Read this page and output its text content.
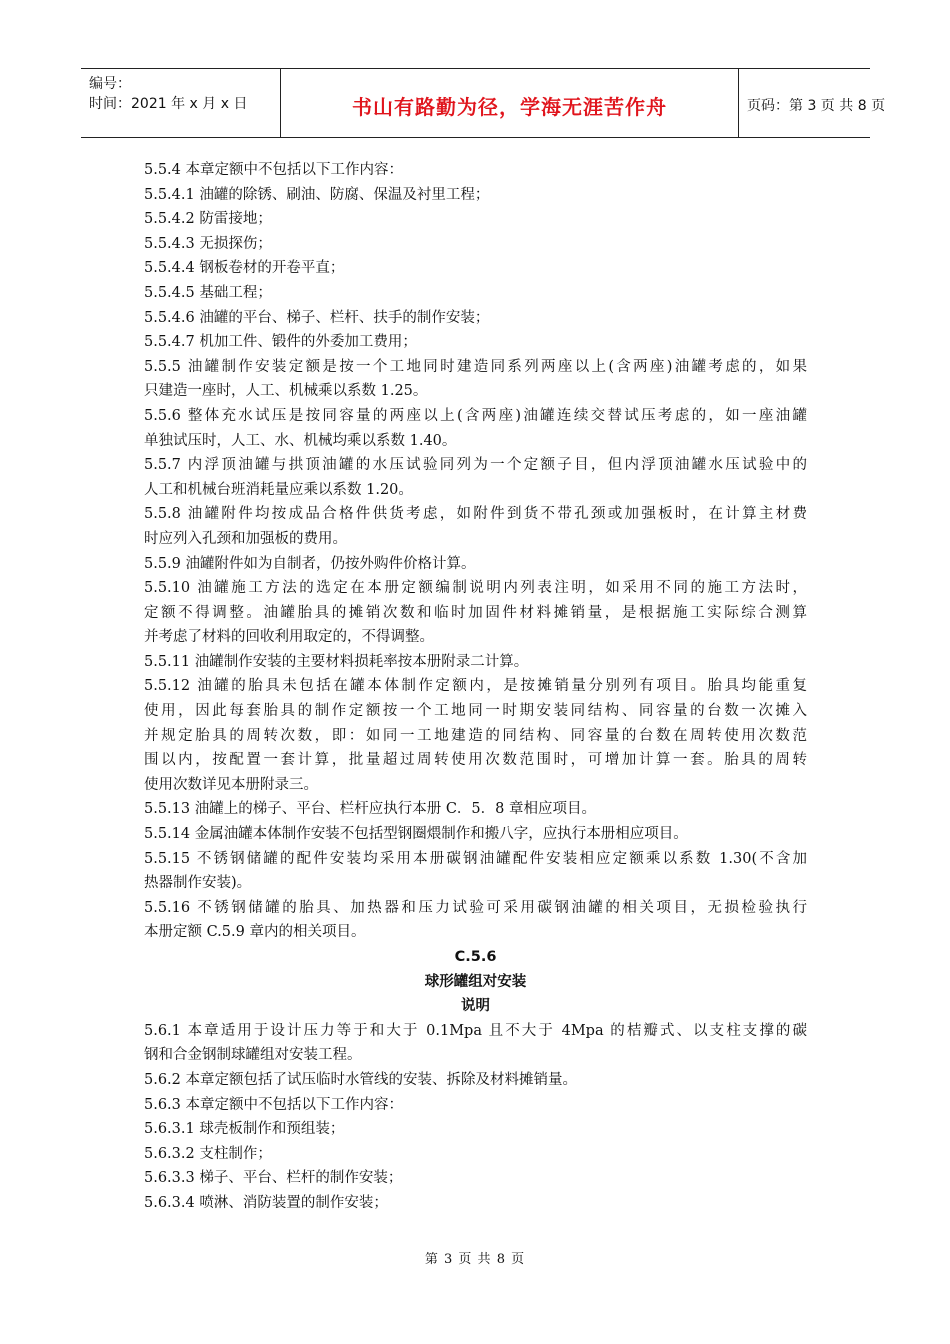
编号：
时间：2021 年 x 月 x 日	书山有路勤为径，学海无涯苦作舟	页码：第 3 页 共 8 页
5.5.4 本章定额中不包括以下工作内容：
5.5.4.1 油罐的除锈、刷油、防腐、保温及衬里工程；
5.5.4.2 防雷接地；
5.5.4.3 无损探伤；
5.5.4.4 钢板卷材的开卷平直；
5.5.4.5 基础工程；
5.5.4.6 油罐的平台、梯子、栏杆、扶手的制作安装；
5.5.4.7 机加工件、锻件的外委加工费用；
5.5.5 油罐制作安装定额是按一个工地同时建造同系列两座以上(含两座)油罐考虑的，如果
只建造一座时，人工、机械乘以系数 1.25。
5.5.6 整体充水试压是按同容量的两座以上(含两座)油罐连续交替试压考虑的，如一座油罐
单独试压时，人工、水、机械均乘以系数 1.40。
5.5.7 内浮顶油罐与拱顶油罐的水压试验同列为一个定额子目，但内浮顶油罐水压试验中的
人工和机械台班消耗量应乘以系数 1.20。
5.5.8 油罐附件均按成品合格件供货考虑，如附件到货不带孔颈或加强板时，在计算主材费
时应列入孔颈和加强板的费用。
5.5.9 油罐附件如为自制者，仍按外购件价格计算。
5.5.10 油罐施工方法的选定在本册定额编制说明内列表注明，如采用不同的施工方法时，
定额不得调整。油罐胎具的摊销次数和临时加固件材料摊销量，是根据施工实际综合测算
并考虑了材料的回收利用取定的，不得调整。
5.5.11 油罐制作安装的主要材料损耗率按本册附录二计算。
5.5.12 油罐的胎具未包括在罐本体制作定额内，是按摊销量分别列有项目。胎具均能重复
使用，因此每套胎具的制作定额按一个工地同一时期安装同结构、同容量的台数一次摊入
并规定胎具的周转次数，即：如同一工地建造的同结构、同容量的台数在周转使用次数范
围以内，按配置一套计算，批量超过周转使用次数范围时，可增加计算一套。胎具的周转
使用次数详见本册附录三。
5.5.13 油罐上的梯子、平台、栏杆应执行本册 C．5．8 章相应项目。
5.5.14 金属油罐本体制作安装不包括型钢圈煨制作和搬八字，应执行本册相应项目。
5.5.15 不锈钢储罐的配件安装均采用本册碳钢油罐配件安装相应定额乘以系数 1.30(不含加
热器制作安装)。
5.5.16 不锈钢储罐的胎具、加热器和压力试验可采用碳钢油罐的相关项目，无损检验执行
本册定额 C.5.9 章内的相关项目。
C.5.6
球形罐组对安装
说明
5.6.1 本章适用于设计压力等于和大于 0.1Mpa 且不大于 4Mpa 的桔瓣式、以支柱支撑的碳
钢和合金钢制球罐组对安装工程。
5.6.2 本章定额包括了试压临时水管线的安装、拆除及材料摊销量。
5.6.3 本章定额中不包括以下工作内容：
5.6.3.1 球壳板制作和预组装；
5.6.3.2 支柱制作；
5.6.3.3 梯子、平台、栏杆的制作安装；
5.6.3.4 喷淋、消防装置的制作安装；
第 3 页 共 8 页
